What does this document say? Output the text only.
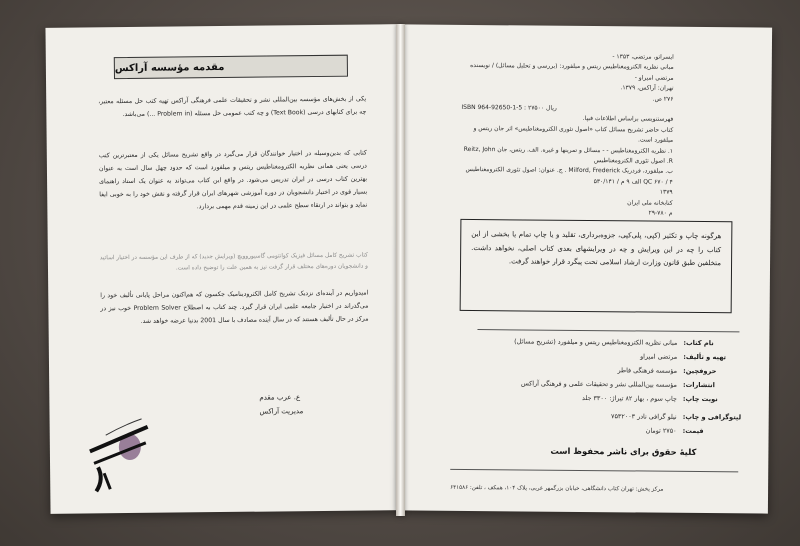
مقدمه مؤسسه آراکس
یکی از بخش‌های مؤسسه بین‌المللی نشر و تحقیقات علمی فرهنگی آراکس تهیه کتب حل مسئله معتبر، چه برای کتابهای درسی (Text Book) و چه کتب عمومی حل مسئله (Problem in ...) می‌باشد.
کتابی که بدین‌وسیله در اختیار خوانندگان قرار می‌گیرد در واقع تشریح مسائل یکی از معتبرترین کتب درسی یعنی همانی نظریه الکترومغناطیس ریتس و میلفورد است که حدود چهل سال است به عنوان بهترین کتاب درسی در ایران تدریس می‌شود. در واقع این کتاب می‌تواند به عنوان یک استاد راهنمای بسیار قوی در اختیار دانشجویان در دوره آموزشی شهرهای ایران قرار گرفته و نقش خود را به خوبی ایفا نماید و بتواند در ارتقاء سطح علمی در این زمینه قدم مهمی بردارد.
کتاب تشریح کامل مسائل فیزیک کوانتومی گاسیوروویچ (ویرایش جدید) که از طرف این مؤسسه در اختیار اساتید و دانشجویان دوره‌های مختلف قرار گرفت نیز به همین علت را توضیح داده است.
امیدواریم در آینده‌ای نزدیک تشریح کامل الکترودینامیک جکسون که هم‌اکنون مراحل پایانی تألیف خود را می‌گذراند در اختیار جامعه علمی ایران قرار گیرد. چند کتاب به اصطلاح Problem Solver خوب نیز در مرکز در حال تألیف هستند که در سال آینده مصادف با سال 2001 بدنیا عرضه خواهد شد.
ع. عرب مقدم
مدیریت آراکس
ایسراتو، مرتضی، ۱۳۵۳ -
مبانی نظریه الکترومغناطیس ریتس و میلفورد: (بررسی و تحلیل مسائل) / نویسنده مرتضی امیراو -
تهران: آراکس، ۱۳۷۹.
۲۷۶ ص.
ISBN 964-92650-1-5 : ۲۷۵۰۰ ریال
فهرستنویسی براساس اطلاعات فیپا.
کتاب حاضر تشریح مسائل کتاب «اصول تئوری الکترومغناطیس» اثر جان ریتس و میلفورد است.
۱. نظریه الکترومغناطیس - - مسائل و تمرینها و غیره. الف. ریتس، جان Reitz, John R. اصول تئوری الکترومغناطیس
ب. میلفورد، فردریک Milford, Frederick . ج. عنوان: اصول تئوری الکترومغناطیس
QC ۶۷۰ / ۴ الف ۹ م / ۵۳۰/۱۴۱
۱۳۷۹
کتابخانه ملی ایران
م ۷۸۰-۲۹
هرگونه چاپ و تکثیر (کپی، پلی‌کپی، جزوه‌برداری، تقلید و یا چاپ تمام یا بخشی از این کتاب را چه در این ویرایش و چه در ویرایشهای بعدی کتاب اصلی، نخواهد داشت. متخلفین طبق قانون وزارت ارشاد اسلامی تحت پیگرد قرار خواهند گرفت.
نام کتاب:
مبانی نظریه الکترومغناطیس ریتس و میلفورد (تشریح مسائل)
تهیه و تألیف:
مرتضی امیراو
حروفچین:
مؤسسه فرهنگی فاطر
انتشارات:
مؤسسه بین‌المللی نشر و تحقیقات علمی و فرهنگی آراکس
نوبت چاپ:
چاپ سوم ، بهار ۸۲ تیراژ: ۳۳۰۰ جلد
لیتوگرافی و چاپ:
نیلو گرافی نادر ۷۵۳۲۰۰۳
قیمت:
۲۷۵۰ تومان
کلیهٔ حقوق برای ناشر محفوظ است
مرکز پخش: تهران کتاب دانشگاهی، خیابان بزرگمهر غربی، پلاک ۱۰۴، همکف ، تلفن: ۶۴۱۵۸۶
